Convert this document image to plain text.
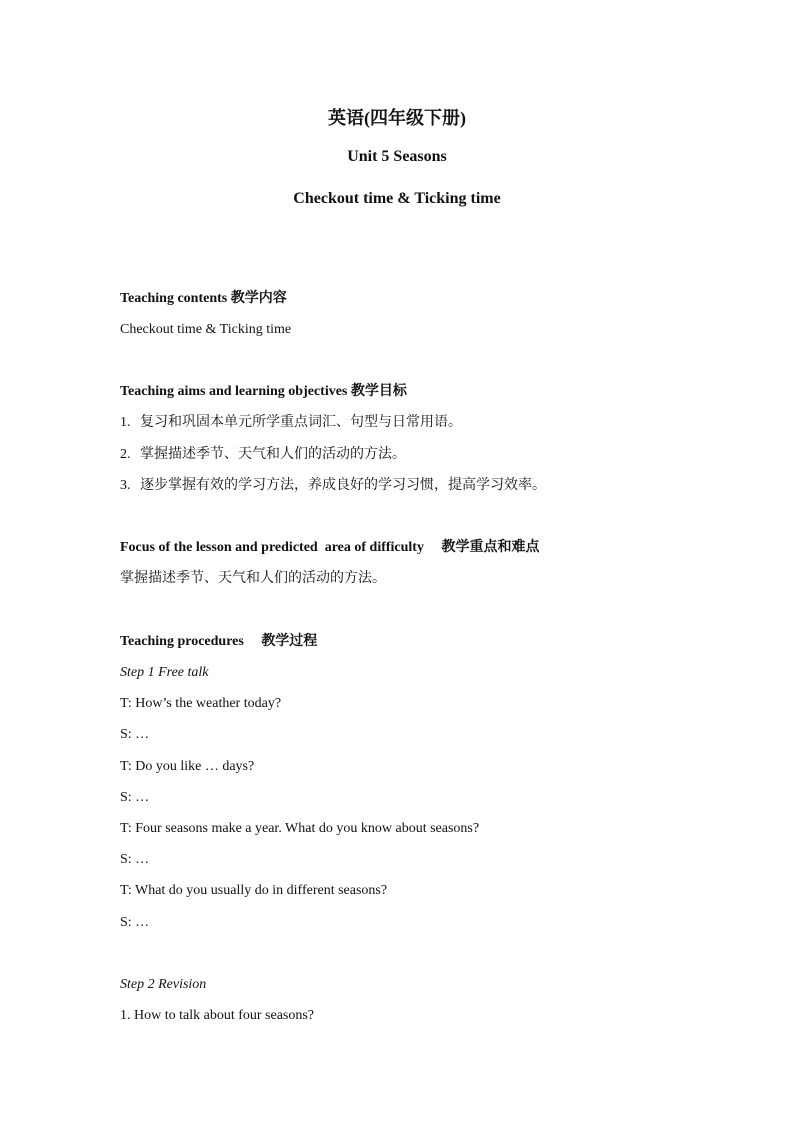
英语(四年级下册)
Unit 5 Seasons
Checkout time & Ticking time
Teaching contents 教学内容
Checkout time & Ticking time
Teaching aims and learning objectives 教学目标
1. 复习和巩固本单元所学重点词汇、句型与日常用语。
2. 掌握描述季节、天气和人们的活动的方法。
3. 逐步掌握有效的学习方法，养成良好的学习习惯，提高学习效率。
Focus of the lesson and predicted  area of difficulty     教学重点和难点
掌握描述季节、天气和人们的活动的方法。
Teaching procedures     教学过程
Step 1 Free talk
T: How’s the weather today?
S: …
T: Do you like … days?
S: …
T: Four seasons make a year. What do you know about seasons?
S: …
T: What do you usually do in different seasons?
S: …
Step 2 Revision
1. How to talk about four seasons?
